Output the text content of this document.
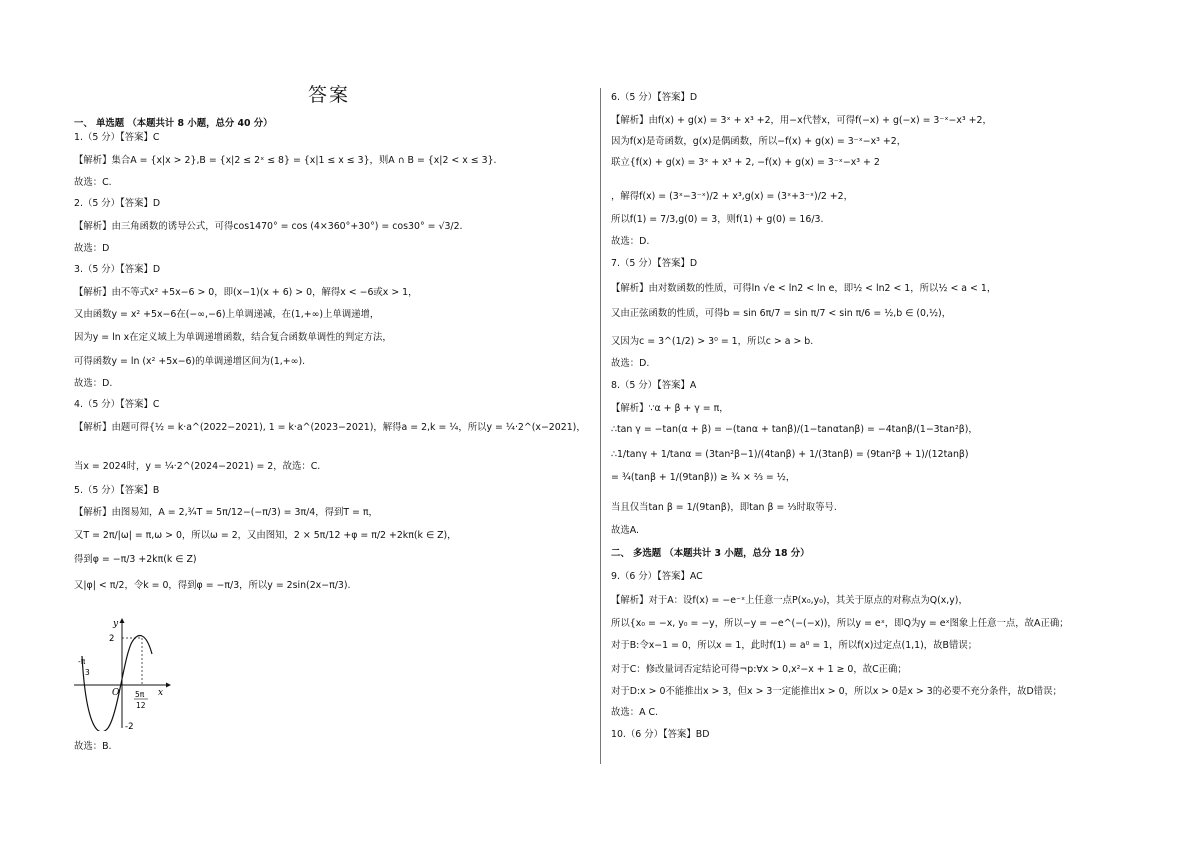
答案
一、 单选题 （本题共计 8 小题，总分 40 分）
1.（5 分）【答案】C
【解析】集合A = {x|x > 2},B = {x|2 ≤ 2ˣ ≤ 8} = {x|1 ≤ x ≤ 3}，则A ∩ B = {x|2 < x ≤ 3}.
故选：C.
2.（5 分）【答案】D
【解析】由三角函数的诱导公式，可得cos1470° = cos (4×360°+30°) = cos30° = √3/2.
故选：D
3.（5 分）【答案】D
【解析】由不等式x² +5x−6 > 0，即(x−1)(x + 6) > 0，解得x < −6或x > 1，
又由函数y = x² +5x−6在(−∞,−6)上单调递减，在(1,+∞)上单调递增，
因为y = ln x在定义域上为单调递增函数，结合复合函数单调性的判定方法，
可得函数y = ln (x² +5x−6)的单调递增区间为(1,+∞).
故选：D.
4.（5 分）【答案】C
【解析】由题可得{½ = k·a^(2022−2021), 1 = k·a^(2023−2021)，解得a = 2,k = ¼，所以y = ¼·2^(x−2021)，
当x = 2024时，y = ¼·2^(2024−2021) = 2，故选：C.
5.（5 分）【答案】B
【解析】由图易知，A = 2,¾T = 5π/12−(−π/3) = 3π/4，得到T = π，
又T = 2π/|ω| = π,ω > 0，所以ω = 2，又由图知，2 × 5π/12 +φ = π/2 +2kπ(k ∈ Z)，
得到φ = −π/3 +2kπ(k ∈ Z)
又|φ| < π/2，令k = 0，得到φ = −π/3，所以y = 2sin(2x−π/3).
故选：B.
y
x
O
2
-2
-π
3
5π
12
6.（5 分）【答案】D
【解析】由f(x) + g(x) = 3ˣ + x³ +2，用−x代替x，可得f(−x) + g(−x) = 3⁻ˣ−x³ +2，
因为f(x)是奇函数，g(x)是偶函数，所以−f(x) + g(x) = 3⁻ˣ−x³ +2，
联立{f(x) + g(x) = 3ˣ + x³ + 2, −f(x) + g(x) = 3⁻ˣ−x³ + 2
，解得f(x) = (3ˣ−3⁻ˣ)/2 + x³,g(x) = (3ˣ+3⁻ˣ)/2 +2，
所以f(1) = 7/3,g(0) = 3，则f(1) + g(0) = 16/3.
故选：D.
7.（5 分）【答案】D
【解析】由对数函数的性质，可得ln √e < ln2 < ln e，即½ < ln2 < 1，所以½ < a < 1，
又由正弦函数的性质，可得b = sin 6π/7 = sin π/7 < sin π/6 = ½,b ∈ (0,½)，
又因为c = 3^(1/2) > 3⁰ = 1，所以c > a > b.
故选：D.
8.（5 分）【答案】A
【解析】∵α + β + γ = π，
∴tan γ = −tan(α + β) = −(tanα + tanβ)/(1−tanαtanβ) = −4tanβ/(1−3tan²β)，
∴1/tanγ + 1/tanα = (3tan²β−1)/(4tanβ) + 1/(3tanβ) = (9tan²β + 1)/(12tanβ)
= ¾(tanβ + 1/(9tanβ)) ≥ ¾ × ⅔ = ½，
当且仅当tan β = 1/(9tanβ)，即tan β = ⅓时取等号.
故选A.
二、 多选题 （本题共计 3 小题，总分 18 分）
9.（6 分）【答案】AC
【解析】对于A：设f(x) = −e⁻ˣ上任意一点P(x₀,y₀)，其关于原点的对称点为Q(x,y)，
所以{x₀ = −x, y₀ = −y，所以−y = −e^(−(−x))，所以y = eˣ，即Q为y = eˣ图象上任意一点，故A正确；
对于B:令x−1 = 0，所以x = 1，此时f(1) = a⁰ = 1，所以f(x)过定点(1,1)，故B错误；
对于C：修改量词否定结论可得¬p:∀x > 0,x²−x + 1 ≥ 0，故C正确；
对于D:x > 0不能推出x > 3，但x > 3一定能推出x > 0，所以x > 0是x > 3的必要不充分条件，故D错误；
故选：A C.
10.（6 分）【答案】BD
